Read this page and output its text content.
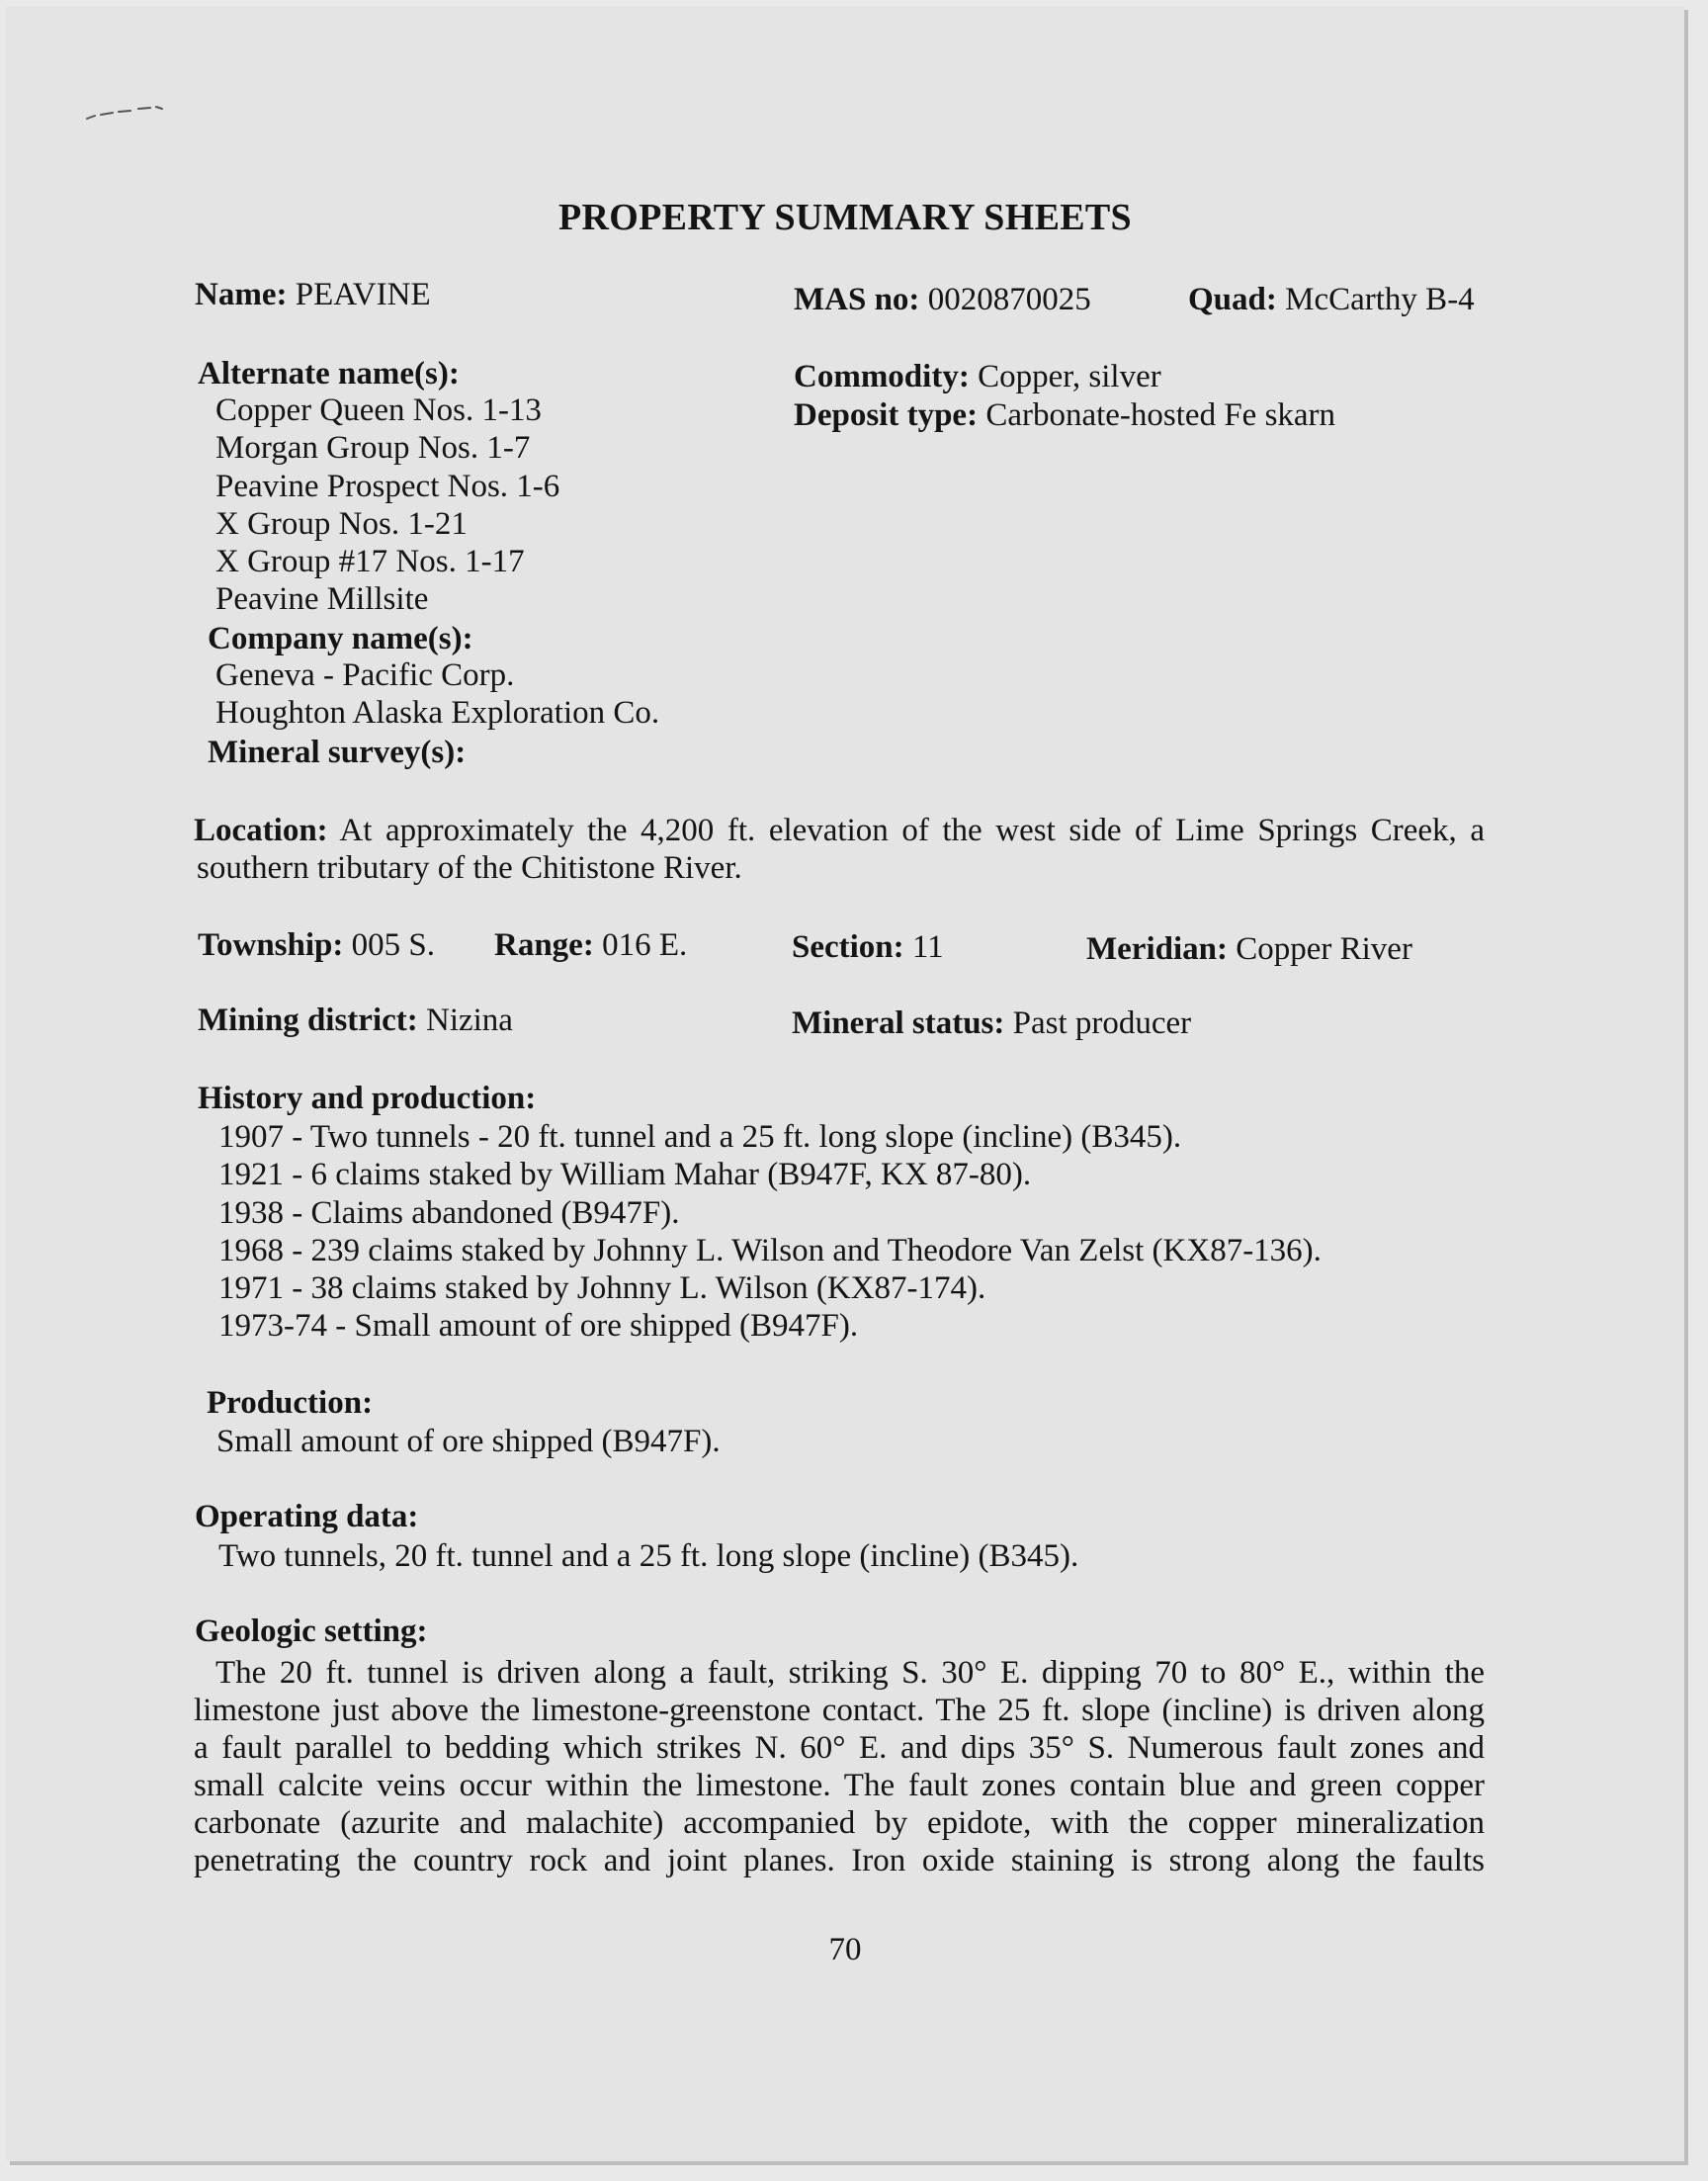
PROPERTY SUMMARY SHEETS
Name: PEAVINE	MAS no: 0020870025	Quad: McCarthy B-4
Alternate name(s):
Copper Queen Nos. 1-13
Morgan Group Nos. 1-7
Peavine Prospect Nos. 1-6
X Group Nos. 1-21
X Group #17 Nos. 1-17
Peavine Millsite
Company name(s):
Geneva - Pacific Corp.
Houghton Alaska Exploration Co.
Mineral survey(s):
Commodity: Copper, silver
Deposit type: Carbonate-hosted Fe skarn
Location: At approximately the 4,200 ft. elevation of the west side of Lime Springs Creek, a
southern tributary of the Chitistone River.
Township: 005 S. Range: 016 E.	Section: 11	Meridian: Copper River
Mining district: Nizina	Mineral status: Past producer
History and production:
1907 - Two tunnels - 20 ft. tunnel and a 25 ft. long slope (incline) (B345).
1921 - 6 claims staked by William Mahar (B947F, KX 87-80).
1938 - Claims abandoned (B947F).
1968 - 239 claims staked by Johnny L. Wilson and Theodore Van Zelst (KX87-136).
1971 - 38 claims staked by Johnny L. Wilson (KX87-174).
1973-74 - Small amount of ore shipped (B947F).
Production:
Small amount of ore shipped (B947F).
Operating data:
Two tunnels, 20 ft. tunnel and a 25 ft. long slope (incline) (B345).
Geologic setting:
The 20 ft. tunnel is driven along a fault, striking S. 30° E. dipping 70 to 80° E., within the
limestone just above the limestone-greenstone contact. The 25 ft. slope (incline) is driven along
a fault parallel to bedding which strikes N. 60° E. and dips 35° S. Numerous fault zones and
small calcite veins occur within the limestone. The fault zones contain blue and green copper
carbonate (azurite and malachite) accompanied by epidote, with the copper mineralization
penetrating the country rock and joint planes. Iron oxide staining is strong along the faults
70
